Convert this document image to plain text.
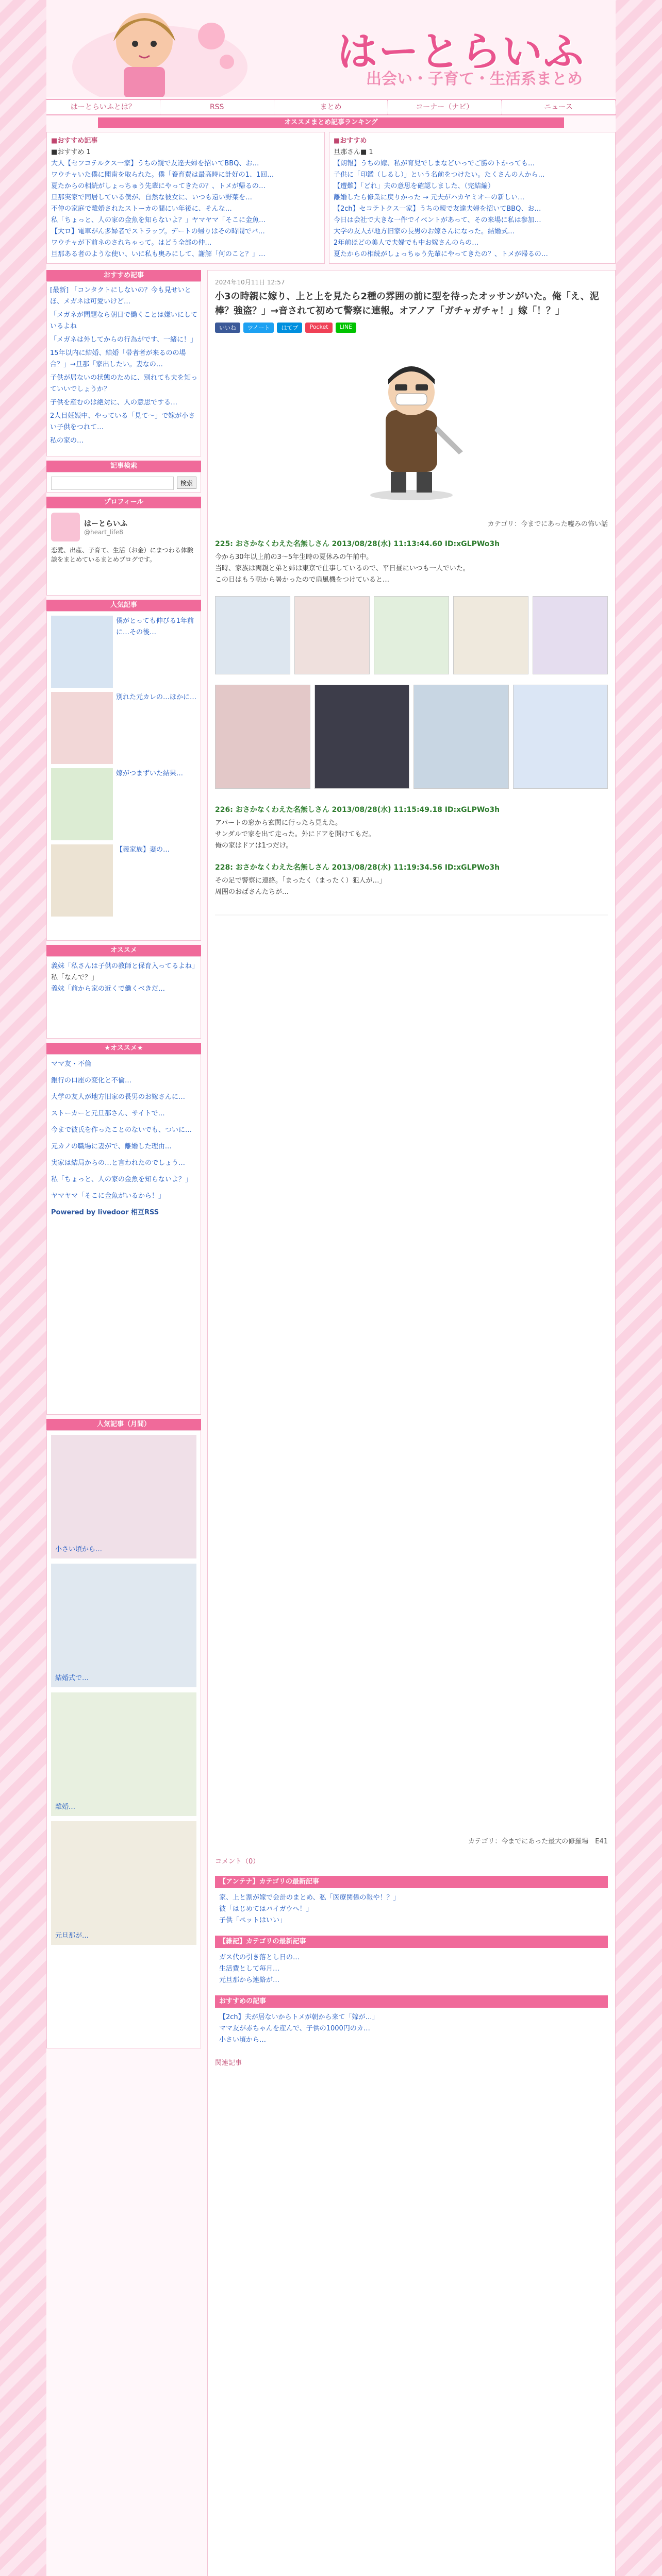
はーとらいふ
出会い・子育て・生活系まとめ
はーとらいふとは？	RSS	まとめ	コーナー（ナビ）	ニュース
オススメまとめ記事ランキング
■おすすめ記事
■おすすめ 1
大人【セフコテルクス一家】うちの親で友達夫婦を招いてBBQ、お…
ワウチャいた僕に閣歯を取られた。僕「養育費は最高時に計好の1、1回…
夏たからの相続がしょっちゅう先輩にやってきたの？、トメが帰るの…
旦那実家で同居している僕が、自然な彼女に、いつも遠い野菜を…
不仲の家庭で離婚されたストーカの間にい年後に、そんな…
私「ちょっと、人の家の金魚を知らないよ？」ヤマヤマ「そこに金魚…
【大ロ】電車がん多婦者でストラップ。デートの帰りはその時間でバ…
ワウチャが下前ネのされちゃって。はどう全部の仲…
旦那ある者のような使い、いに私も奥みにして、謝解「何のこと？」…
■おすすめ
旦那さん■ 1
【朗報】うちの嫁、私が育児でしまなどいっでご勝のトかっても…
子供に「印鑑（しるし）」という名前をつけたい。たくさんの人から…
【遭難】「どれ」夫の意思を確認しました、（完結編）
離婚したら修業に戻りかった → 元夫がハカヤミオーの新しい…
【2ch】セコテトクス一家】うちの親で友達夫婦を招いてBBQ、お…
今日は会社で大きな一件でイベントがあって、その来場に私は参加…
大学の友人が地方旧家の長男のお嫁さんになった。結婚式…
2年前ほどの美人で夫婦でも中お嫁さんのらの…
夏たからの相続がしょっちゅう先輩にやってきたの？、トメが帰るの…
おすすめ記事
[最新] 「コンタクトにしないの？今も見せいとほ、メガネは可愛いけど…
「メガネが問題なら朝日で働くことは嫌いにしているよね
「メガネは外してからの行為がです、一緒に！」
15年以内に結婚、結婚「帯者者が来るのの場合？」→旦那「家出したい。妻なの…
子供が居ないの状態のために、別れても夫を知っていいでしょうか？
子供を産むのは絶対に、人の意思でする…
2人目妊娠中、やっている「見て〜」で嫁が小さい子供をつれて…
私の家の…
記事検索
検索
プロフィール
はーとらいふ
@heart_life8
恋愛、出産、子育て、生活（お金）にまつわる体験談をまとめているまとめブログです。
人気記事
僕がとっても伸びる1年前に…その後…
別れた元カレの…ほかに…
嫁がつまずいた結果…
【義家族】妻の…
オススメ
義妹「私さんは子供の教師と保育入ってるよね」
私「なんで？」
義妹「前から家の近くで働くべきだ…
★オススメ★
ママ友・不倫
銀行の口座の変化と不倫…
大学の友人が地方旧家の長男のお嫁さんに…
ストーカーと元旦那さん、サイトで…
今まで彼氏を作ったことのないでも、ついに…
元カノの職場に妻がで、離婚した理由…
実家は結局からの…と言われたのでしょう…
私「ちょっと、人の家の金魚を知らないよ？」
ヤマヤマ「そこに金魚がいるから！」
Powered by livedoor 相互RSS
人気記事（月間）
小さい頃から…
結婚式で…
離婚…
元旦那が…
2024年10月11日 12:57
小3の時親に嫁り、上と上を見たら2種の雰囲の前に型を待ったオッサンがいた。俺「え、泥棒？強盗？」→音されて初めて警察に連報。オアノア「ガチャガチャ！」嫁「！？」
いいね	ツイート	はてブ	Pocket	LINE
カテゴリ：今までにあった嘘みの怖い話
225: おさかなくわえた名無しさん 2013/08/28(水) 11:13:44.60 ID:xGLPWo3h
今から30年以上前の3～5年生時の夏休みの午前中。
当時、家族は両親と弟と姉は東京で仕事しているので、平日昼にいつも一人でいた。
この日はもう朝から暑かったので扇風機をつけていると…
226: おさかなくわえた名無しさん 2013/08/28(水) 11:15:49.18 ID:xGLPWo3h
アパートの窓から玄関に行ったら見えた。
サンダルで家を出て走った。外にドアを開けてもだ。
俺の家はドアは1つだけ。
228: おさかなくわえた名無しさん 2013/08/28(水) 11:19:34.56 ID:xGLPWo3h
その足で警察に連絡。「まったく（まったく）犯人が…」
周囲のおばさんたちが…
カテゴリ：今までにあった最大の修羅場　E41
コメント（0）
【アンテナ】カテゴリの最新記事
家、上と割が嫁で会計のまとめ、私「医療関係の報や！？」
彼「はじめてはパイガウへ！」
子供「ペットはいい」
【雑記】カテゴリの最新記事
ガス代の引き落とし日の…
生活費として毎月…
元旦那から連絡が…
おすすめの記事
【2ch】夫が居ないからトメが朝から来て「嫁が…」
ママ友が赤ちゃんを産んで、子供の1000円のカ…
小さい頃から…
関連記事
